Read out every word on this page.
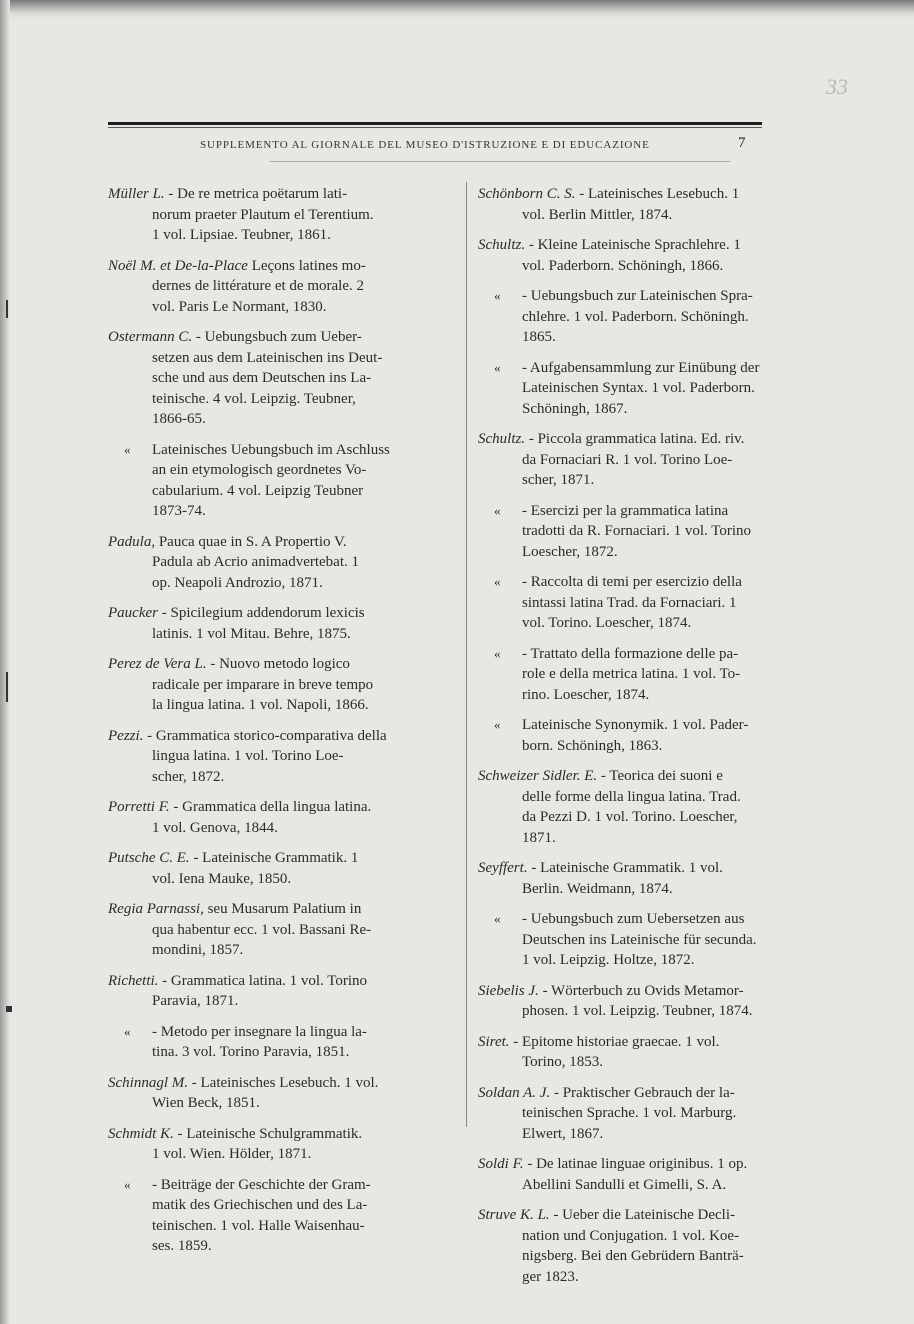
33
SUPPLEMENTO AL GIORNALE DEL MUSEO D'ISTRUZIONE E DI EDUCAZIONE	7
Müller L. - De re metrica poëtarum lati-
norum praeter Plautum el Terentium.
1 vol. Lipsiae. Teubner, 1861.
Noël M. et De-la-Place Leçons latines mo-
dernes de littérature et de morale. 2
vol. Paris Le Normant, 1830.
Ostermann C. - Uebungsbuch zum Ueber-
setzen aus dem Lateinischen ins Deut-
sche und aus dem Deutschen ins La-
teinische. 4 vol. Leipzig. Teubner,
1866-65.
«	Lateinisches Uebungsbuch im Aschluss
an ein etymologisch geordnetes Vo-
cabularium. 4 vol. Leipzig Teubner
1873-74.
Padula, Pauca quae in S. A Propertio V.
Padula ab Acrio animadvertebat. 1
op. Neapoli Androzio, 1871.
Paucker - Spicilegium addendorum lexicis
latinis. 1 vol Mitau. Behre, 1875.
Perez de Vera L. - Nuovo metodo logico
radicale per imparare in breve tempo
la lingua latina. 1 vol. Napoli, 1866.
Pezzi. - Grammatica storico-comparativa della
lingua latina. 1 vol. Torino Loe-
scher, 1872.
Porretti F. - Grammatica della lingua latina.
1 vol. Genova, 1844.
Putsche C. E. - Lateinische Grammatik. 1
vol. Iena Mauke, 1850.
Regia Parnassi, seu Musarum Palatium in
qua habentur ecc. 1 vol. Bassani Re-
mondini, 1857.
Richetti. - Grammatica latina. 1 vol. Torino
Paravia, 1871.
«	- Metodo per insegnare la lingua la-
tina. 3 vol. Torino Paravia, 1851.
Schinnagl M. - Lateinisches Lesebuch. 1 vol.
Wien Beck, 1851.
Schmidt K. - Lateinische Schulgrammatik.
1 vol. Wien. Hölder, 1871.
«	- Beiträge der Geschichte der Gram-
matik des Griechischen und des La-
teinischen. 1 vol. Halle Waisenhau-
ses. 1859.
Schönborn C. S. - Lateinisches Lesebuch. 1
vol. Berlin Mittler, 1874.
Schultz. - Kleine Lateinische Sprachlehre. 1
vol. Paderborn. Schöningh, 1866.
«	- Uebungsbuch zur Lateinischen Spra-
chlehre. 1 vol. Paderborn. Schöningh.
1865.
«	- Aufgabensammlung zur Einübung der
Lateinischen Syntax. 1 vol. Paderborn.
Schöningh, 1867.
Schultz. - Piccola grammatica latina. Ed. riv.
da Fornaciari R. 1 vol. Torino Loe-
scher, 1871.
«	- Esercizi per la grammatica latina
tradotti da R. Fornaciari. 1 vol. Torino
Loescher, 1872.
«	- Raccolta di temi per esercizio della
sintassi latina Trad. da Fornaciari. 1
vol. Torino. Loescher, 1874.
«	- Trattato della formazione delle pa-
role e della metrica latina. 1 vol. To-
rino. Loescher, 1874.
«	Lateinische Synonymik. 1 vol. Pader-
born. Schöningh, 1863.
Schweizer Sidler. E. - Teorica dei suoni e
delle forme della lingua latina. Trad.
da Pezzi D. 1 vol. Torino. Loescher,
1871.
Seyffert. - Lateinische Grammatik. 1 vol.
Berlin. Weidmann, 1874.
«	- Uebungsbuch zum Uebersetzen aus
Deutschen ins Lateinische für secunda.
1 vol. Leipzig. Holtze, 1872.
Siebelis J. - Wörterbuch zu Ovids Metamor-
phosen. 1 vol. Leipzig. Teubner, 1874.
Siret. - Epitome historiae graecae. 1 vol.
Torino, 1853.
Soldan A. J. - Praktischer Gebrauch der la-
teinischen Sprache. 1 vol. Marburg.
Elwert, 1867.
Soldi F. - De latinae linguae originibus. 1 op.
Abellini Sandulli et Gimelli, S. A.
Struve K. L. - Ueber die Lateinische Decli-
nation und Conjugation. 1 vol. Koe-
nigsberg. Bei den Gebrüdern Banträ-
ger 1823.
